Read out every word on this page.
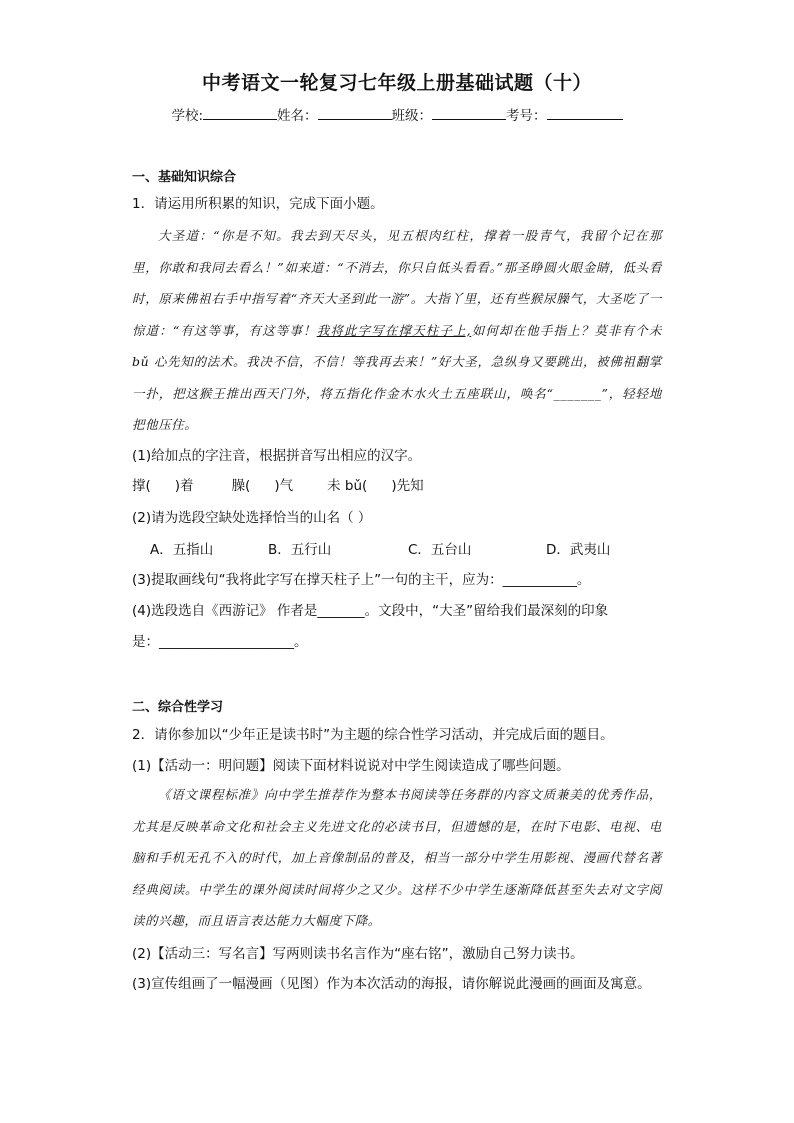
中考语文一轮复习七年级上册基础试题（十）
学校:	姓名：	班级：	考号：
一、基础知识综合
1．请运用所积累的知识，完成下面小题。

大圣道：“你是不知。我去到天尽头，见五根肉红柱，撑着一股青气，我留个记在那里，你敢和我同去看么！”如来道：“不消去，你只自低头看看。”那圣睁圆火眼金睛，低头看时，原来佛祖右手中指写着“齐天大圣到此一游”。大指丫里，还有些猴尿臊气，大圣吃了一惊道：“有这等事，有这等事！我将此字写在撑天柱子上,如何却在他手指上？莫非有个未 bǔ 心先知的法术。我决不信，不信！等我再去来！”好大圣，急纵身又要跳出，被佛祖翻掌一扑，把这猴王推出西天门外，将五指化作金木水火土五座联山，唤名“_______”，轻轻地把他压住。

(1)给加点的字注音，根据拼音写出相应的汉字。
撑( )着	臊( )气	未 bǔ( )先知
(2)请为选段空缺处选择恰当的山名（ ）
A．五指山	B．五行山	C．五台山	D．武夷山
(3)提取画线句“我将此字写在撑天柱子上”一句的主干，应为：___________。
(4)选段选自《西游记》 作者是_______。文段中，“大圣”留给我们最深刻的印象
是：____________________。
二、综合性学习
2．请你参加以“少年正是读书时”为主题的综合性学习活动，并完成后面的题目。
(1)【活动一：明问题】阅读下面材料说说对中学生阅读造成了哪些问题。

《语文课程标准》向中学生推荐作为整本书阅读等任务群的内容文质兼美的优秀作品，尤其是反映革命文化和社会主义先进文化的必读书目，但遗憾的是，在时下电影、电视、电脑和手机无孔不入的时代，加上音像制品的普及，相当一部分中学生用影视、漫画代替名著经典阅读。中学生的课外阅读时间将少之又少。这样不少中学生逐渐降低甚至失去对文字阅读的兴趣，而且语言表达能力大幅度下降。

(2)【活动三：写名言】写两则读书名言作为“座右铭”，激励自己努力读书。
(3)宣传组画了一幅漫画（见图）作为本次活动的海报，请你解说此漫画的画面及寓意。
